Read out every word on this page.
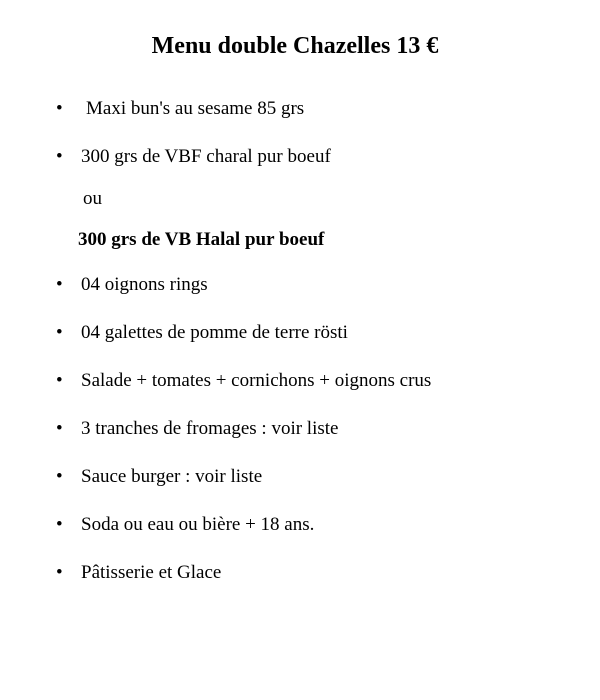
Menu double Chazelles 13 €
• Maxi bun's au sesame 85 grs
• 300 grs de VBF charal pur boeuf
ou
300 grs de VB Halal pur boeuf
• 04 oignons rings
• 04 galettes de pomme de terre rösti
• Salade + tomates + cornichons + oignons crus
• 3 tranches de fromages : voir liste
• Sauce burger : voir liste
• Soda ou eau ou bière + 18 ans.
• Pâtisserie et Glace
